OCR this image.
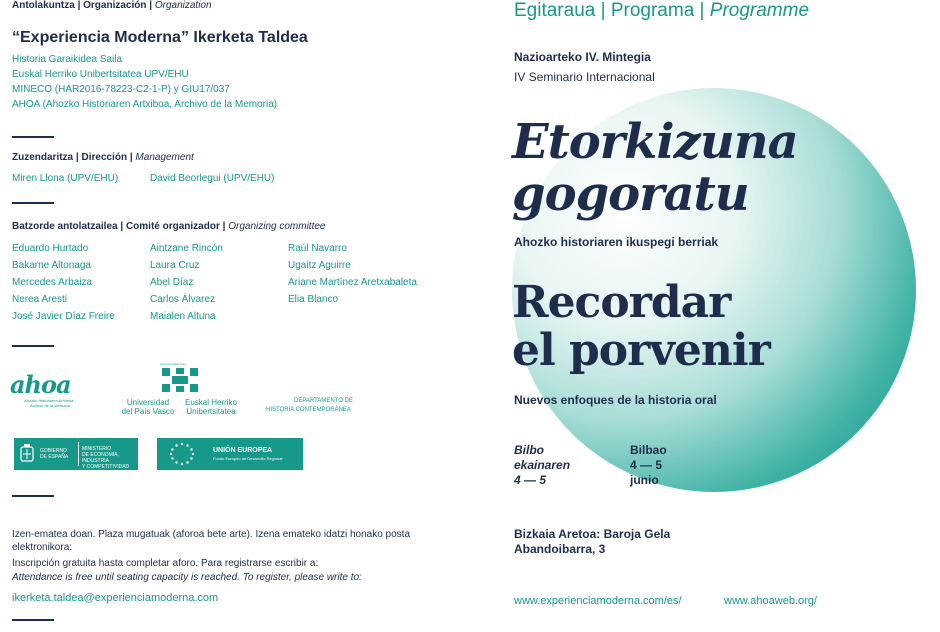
Antolakuntza | Organización | Organization
“Experiencia Moderna” Ikerketa Taldea
Historia Garaikidea Saila
Euskal Herriko Unibertsitatea UPV/EHU
MINECO (HAR2016-78223-C2-1-P) y GIU17/037
AHOA (Ahozko Historiaren Artxiboa, Archivo de la Memoria)
Zuzendaritza | Dirección | Management
Miren Llona (UPV/EHU)	David Beorlegui (UPV/EHU)
Batzorde antolatzailea | Comité organizador | Organizing committee
Eduardo Hurtado
Bakarne Altonaga
Mercedes Arbaiza
Nerea Aresti
José Javier Díaz Freire
Aintzane Rincón
Laura Cruz
Abel Díaz
Carlos Álvarez
Maialen Altuna
Raúl Navarro
Ugaitz Aguirre
Ariane Martínez Aretxabaleta
Elia Blanco
ahoa
Ahozko Historiaren Artxiboa
Archivo de la Memoria
eman ta zabal zazu
Universidad
del País Vasco
Euskal Herriko
Unibertsitatea
DEPARTAMENTO DE
HISTORIA CONTEMPORÁNEA
GOBIERNO
DE ESPAÑA
MINISTERIO
DE ECONOMÍA, INDUSTRIA
Y COMPETITIVIDAD
UNIÓN EUROPEA
Fondo Europeo de Desarrollo Regional
Izen-ematea doan. Plaza mugatuak (aforoa bete arte). Izena emateko idatzi honako posta elektronikora:
Inscripción gratuita hasta completar aforo. Para registrarse escribir a:
Attendance is free until seating capacity is reached. To register, please write to:
ikerketa.taldea@experienciamoderna.com
Egitaraua | Programa | Programme
Nazioarteko IV. Mintegia
IV Seminario Internacional
Etorkizuna
gogoratu
Ahozko historiaren ikuspegi berriak
Recordar
el porvenir
Nuevos enfoques de la historia oral
Bilbo
ekainaren
4 — 5
Bilbao
4 — 5
junio
Bizkaia Aretoa: Baroja Gela
Abandoibarra, 3
www.experienciamoderna.com/es/	www.ahoaweb.org/
